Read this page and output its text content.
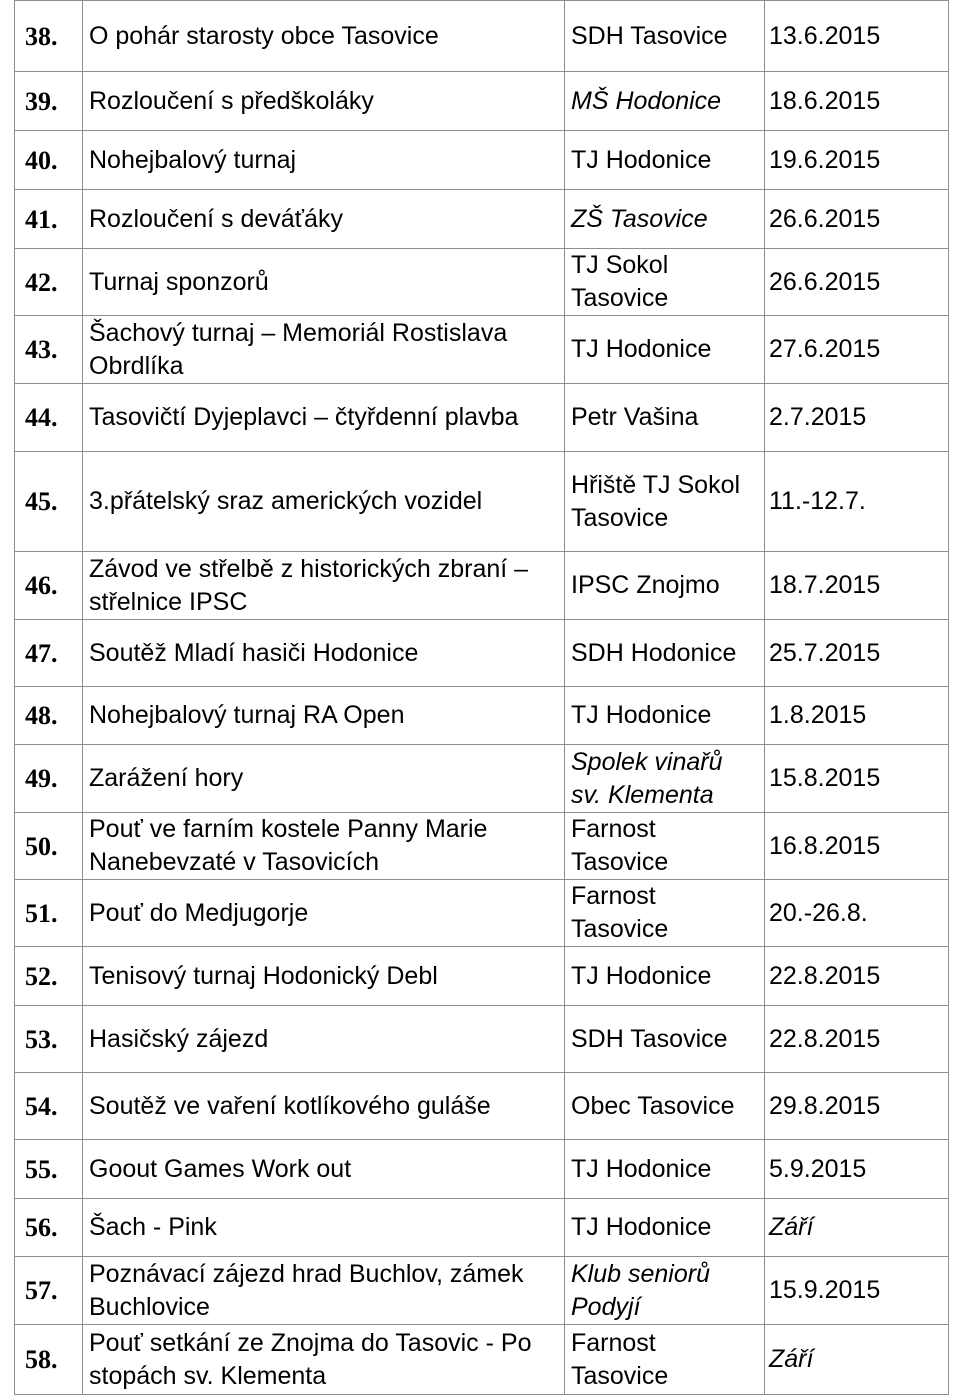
38.	O pohár starosty obce Tasovice	SDH Tasovice	13.6.2015
39.	Rozloučení s předškoláky	MŠ Hodonice	18.6.2015
40.	Nohejbalový turnaj	TJ Hodonice	19.6.2015
41.	Rozloučení s deváťáky	ZŠ Tasovice	26.6.2015
42.	Turnaj sponzorů	TJ Sokol Tasovice	26.6.2015
43.	Šachový turnaj – Memoriál Rostislava Obrdlíka	TJ Hodonice	27.6.2015
44.	Tasovičtí Dyjeplavci – čtyřdenní plavba	Petr Vašina	2.7.2015
45.	3.přátelský sraz amerických vozidel	Hřiště TJ Sokol Tasovice	11.-12.7.
46.	Závod ve střelbě z historických zbraní – střelnice IPSC	IPSC Znojmo	18.7.2015
47.	Soutěž Mladí hasiči Hodonice	SDH Hodonice	25.7.2015
48.	Nohejbalový turnaj RA Open	TJ Hodonice	1.8.2015
49.	Zarážení hory	Spolek vinařů sv. Klementa	15.8.2015
50.	Pouť ve farním kostele Panny Marie Nanebevzaté v Tasovicích	Farnost Tasovice	16.8.2015
51.	Pouť do Medjugorje	Farnost Tasovice	20.-26.8.
52.	Tenisový turnaj Hodonický Debl	TJ Hodonice	22.8.2015
53.	Hasičský zájezd	SDH Tasovice	22.8.2015
54.	Soutěž ve vaření kotlíkového guláše	Obec Tasovice	29.8.2015
55.	Goout Games Work out	TJ Hodonice	5.9.2015
56.	Šach - Pink	TJ Hodonice	Září
57.	Poznávací zájezd hrad Buchlov, zámek Buchlovice	Klub seniorů Podyjí	15.9.2015
58.	Pouť setkání ze Znojma do Tasovic - Po stopách sv. Klementa	Farnost Tasovice	Září
